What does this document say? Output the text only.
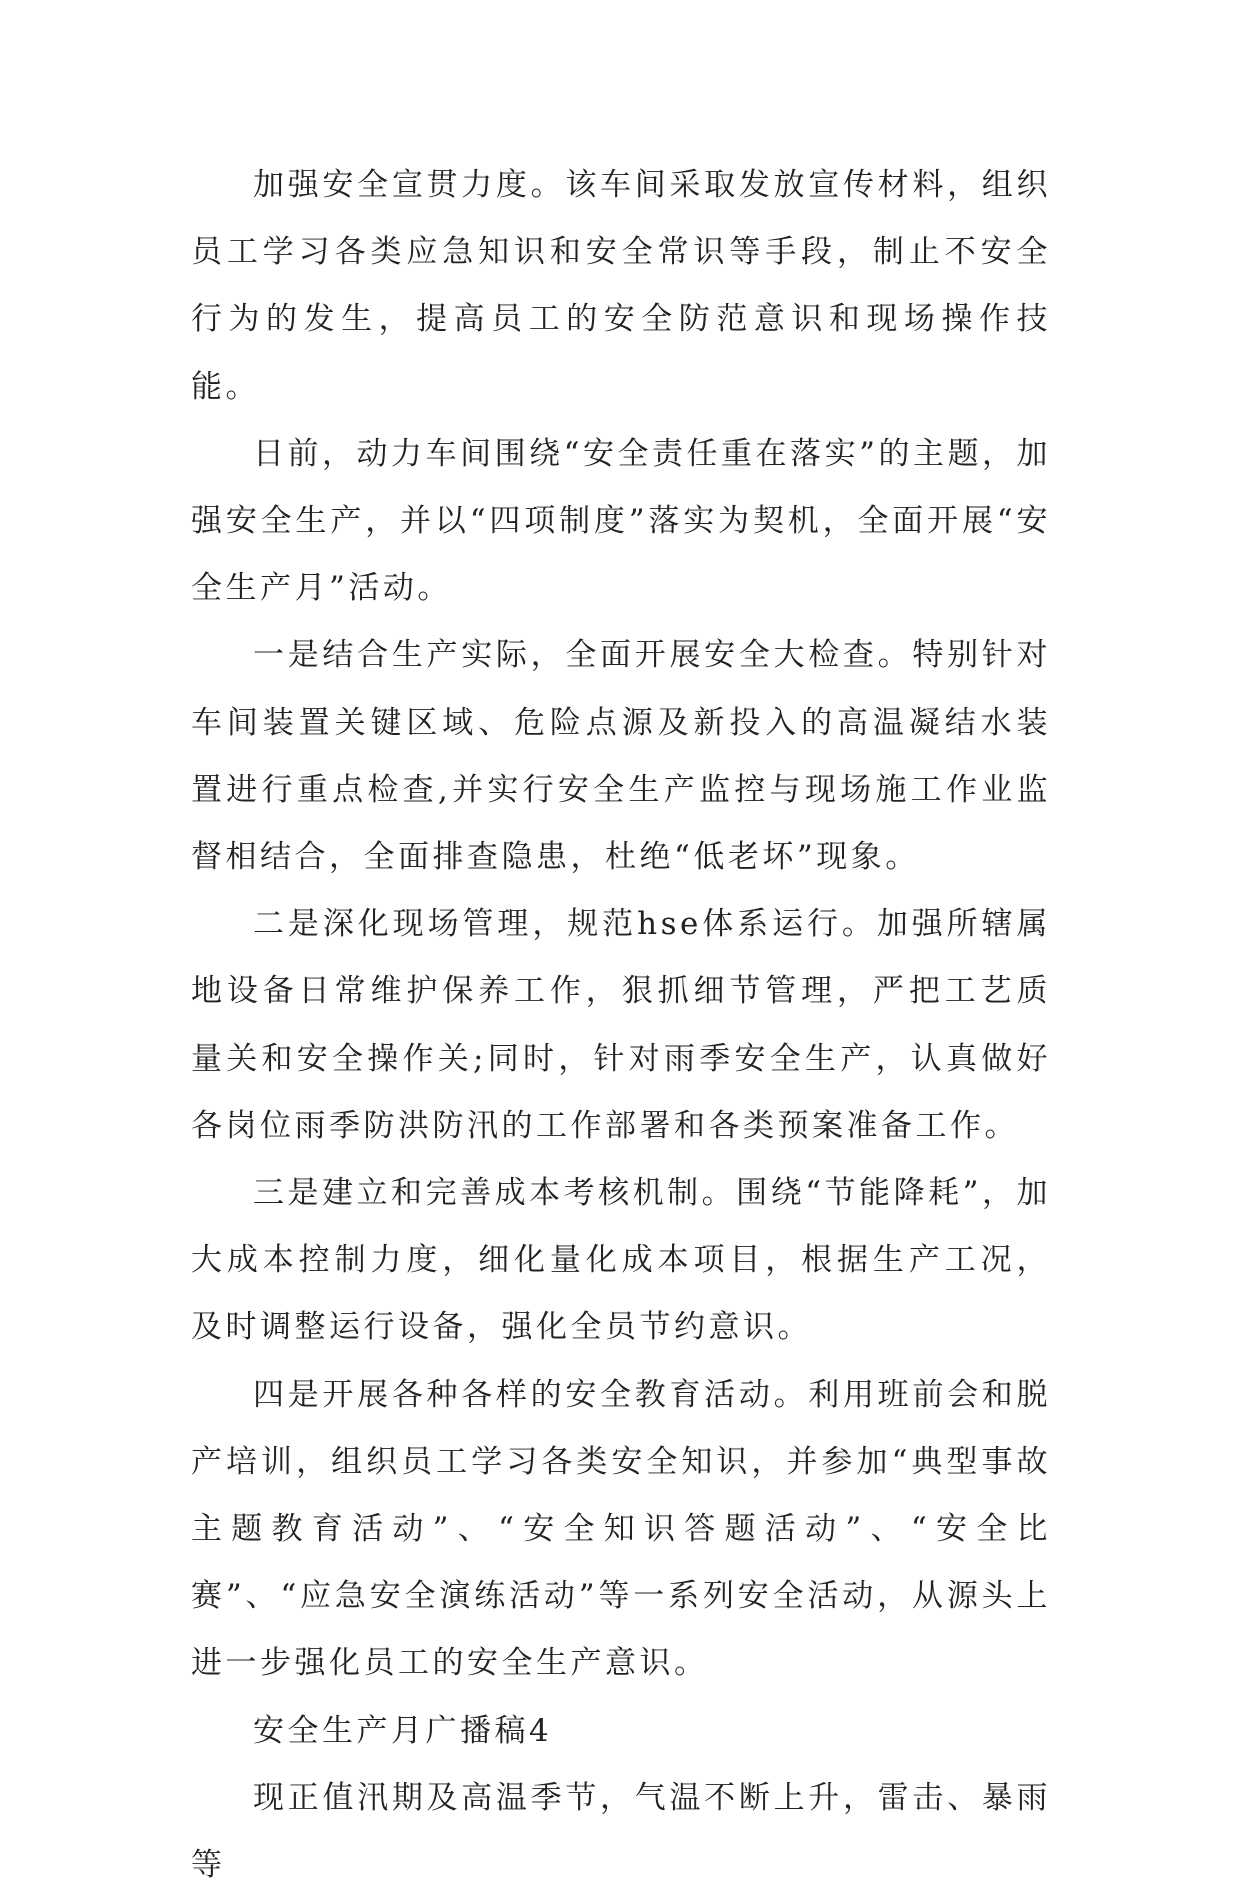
加强安全宣贯力度。该车间采取发放宣传材料，组织员工学习各类应急知识和安全常识等手段，制止不安全行为的发生，提高员工的安全防范意识和现场操作技能。

日前，动力车间围绕“安全责任重在落实”的主题，加强安全生产，并以“四项制度”落实为契机，全面开展“安全生产月”活动。

一是结合生产实际，全面开展安全大检查。特别针对车间装置关键区域、危险点源及新投入的高温凝结水装置进行重点检查,并实行安全生产监控与现场施工作业监督相结合，全面排查隐患，杜绝“低老坏”现象。

二是深化现场管理，规范hse体系运行。加强所辖属地设备日常维护保养工作，狠抓细节管理，严把工艺质量关和安全操作关;同时，针对雨季安全生产，认真做好各岗位雨季防洪防汛的工作部署和各类预案准备工作。

三是建立和完善成本考核机制。围绕“节能降耗”，加大成本控制力度，细化量化成本项目，根据生产工况，及时调整运行设备，强化全员节约意识。

四是开展各种各样的安全教育活动。利用班前会和脱产培训，组织员工学习各类安全知识，并参加“典型事故主题教育活动”、“安全知识答题活动”、“安全比赛”、“应急安全演练活动”等一系列安全活动，从源头上进一步强化员工的安全生产意识。

安全生产月广播稿4

现正值汛期及高温季节，气温不断上升，雷击、暴雨等
